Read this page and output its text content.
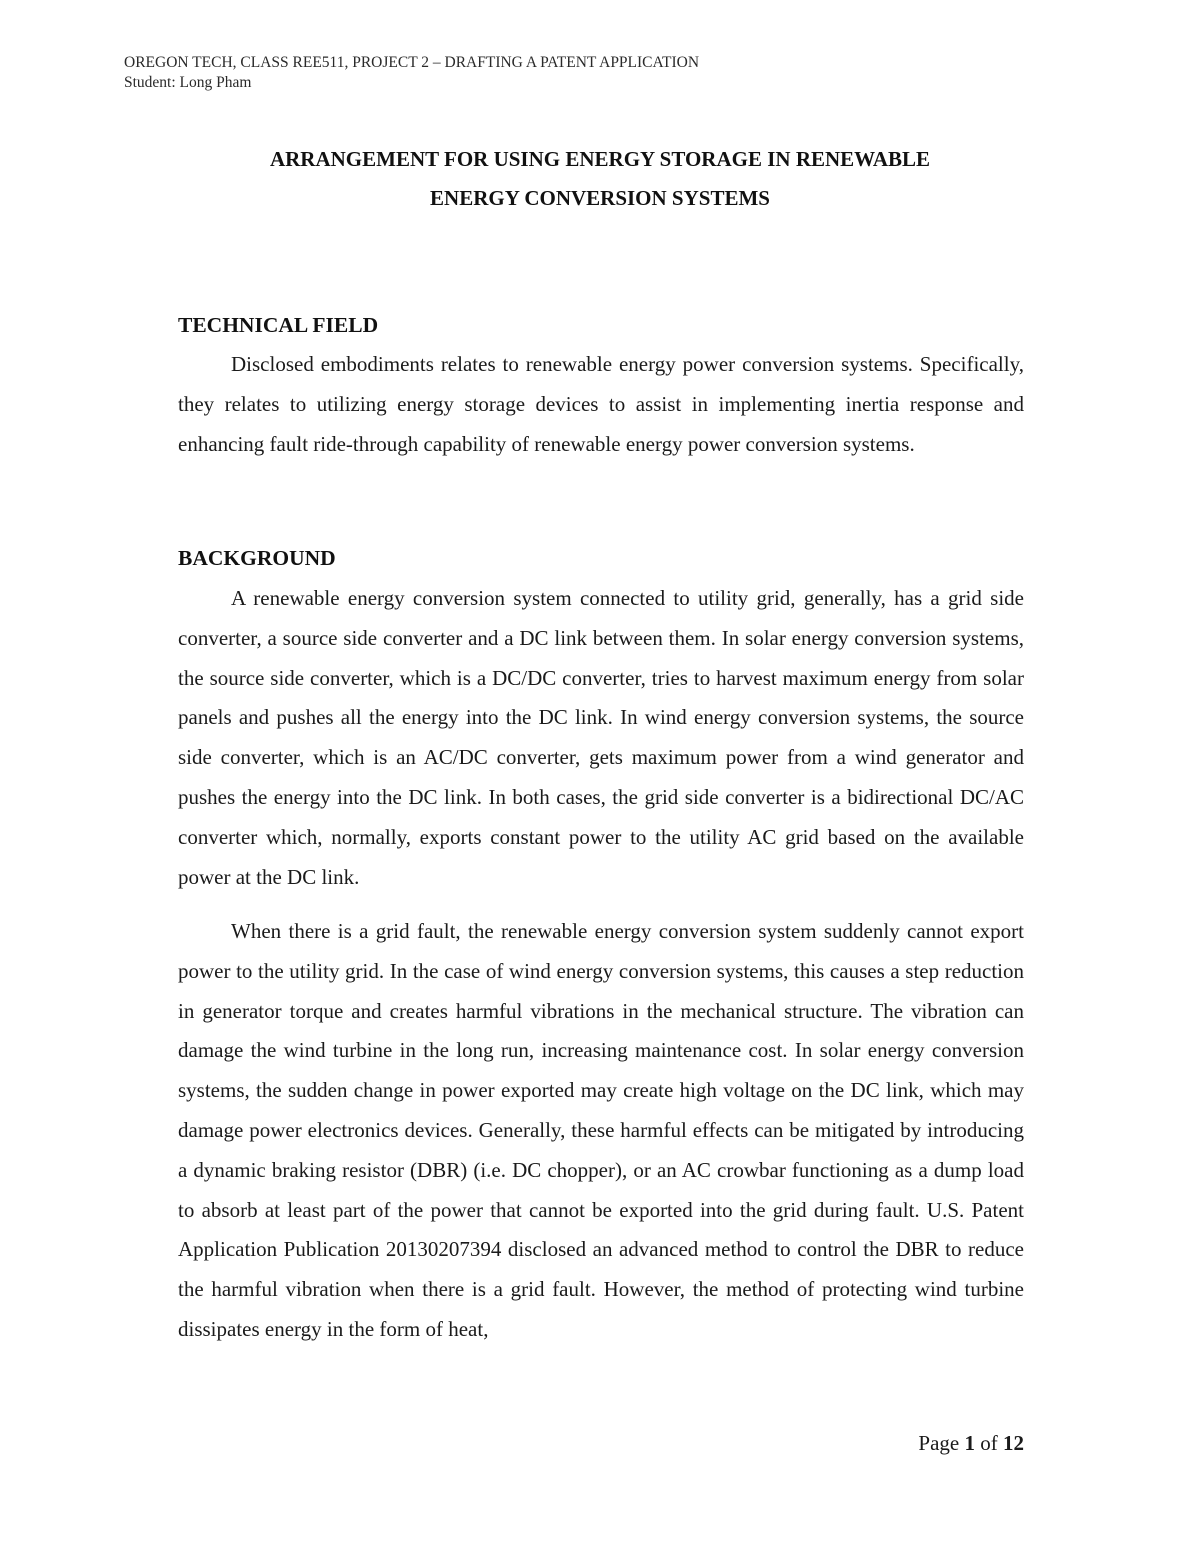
OREGON TECH, CLASS REE511, PROJECT 2 – DRAFTING A PATENT APPLICATION
Student: Long Pham
ARRANGEMENT FOR USING ENERGY STORAGE IN RENEWABLE
ENERGY CONVERSION SYSTEMS
TECHNICAL FIELD

Disclosed embodiments relates to renewable energy power conversion systems. Specifically, they relates to utilizing energy storage devices to assist in implementing inertia response and enhancing fault ride-through capability of renewable energy power conversion systems.

BACKGROUND

A renewable energy conversion system connected to utility grid, generally, has a grid side converter, a source side converter and a DC link between them. In solar energy conversion systems, the source side converter, which is a DC/DC converter, tries to harvest maximum energy from solar panels and pushes all the energy into the DC link. In wind energy conversion systems, the source side converter, which is an AC/DC converter, gets maximum power from a wind generator and pushes the energy into the DC link. In both cases, the grid side converter is a bidirectional DC/AC converter which, normally, exports constant power to the utility AC grid based on the available power at the DC link.

When there is a grid fault, the renewable energy conversion system suddenly cannot export power to the utility grid. In the case of wind energy conversion systems, this causes a step reduction in generator torque and creates harmful vibrations in the mechanical structure. The vibration can damage the wind turbine in the long run, increasing maintenance cost. In solar energy conversion systems, the sudden change in power exported may create high voltage on the DC link, which may damage power electronics devices. Generally, these harmful effects can be mitigated by introducing a dynamic braking resistor (DBR) (i.e. DC chopper), or an AC crowbar functioning as a dump load to absorb at least part of the power that cannot be exported into the grid during fault. U.S. Patent Application Publication 20130207394 disclosed an advanced method to control the DBR to reduce the harmful vibration when there is a grid fault. However, the method of protecting wind turbine dissipates energy in the form of heat,

Page 1 of 12
